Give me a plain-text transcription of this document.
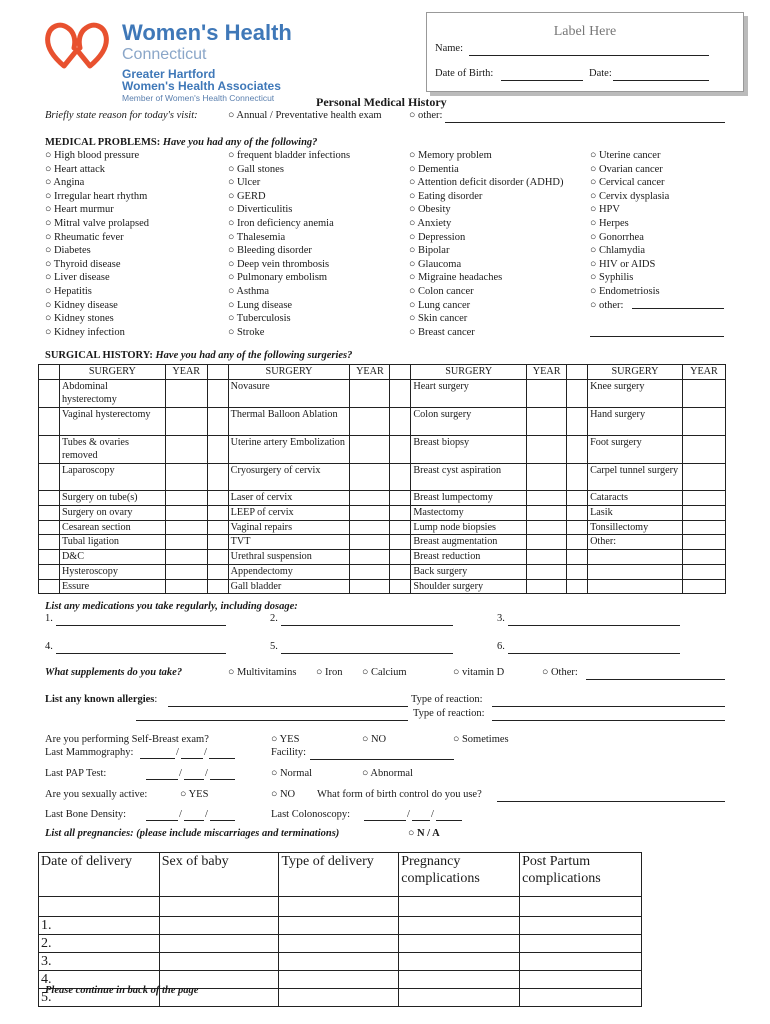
Women's Health
Connecticut
Greater Hartford
Women's Health Associates
Member of Women's Health Connecticut
Label Here
Name:
Date of Birth:	Date:
Personal Medical History
Briefly state reason for today's visit:	○ Annual / Preventative health exam	○ other:
MEDICAL PROBLEMS: Have you had any of the following?
○ High blood pressure
○ Heart attack
○ Angina
○ Irregular heart rhythm
○ Heart murmur
○ Mitral valve prolapsed
○ Rheumatic fever
○ Diabetes
○ Thyroid disease
○ Liver disease
○ Hepatitis
○ Kidney disease
○ Kidney stones
○ Kidney infection
○ frequent bladder infections
○ Gall stones
○ Ulcer
○ GERD
○ Diverticulitis
○ Iron deficiency anemia
○ Thalesemia
○ Bleeding disorder
○ Deep vein thrombosis
○ Pulmonary embolism
○ Asthma
○ Lung disease
○ Tuberculosis
○ Stroke
○ Memory problem
○ Dementia
○ Attention deficit disorder (ADHD)
○ Eating disorder
○ Obesity
○ Anxiety
○ Depression
○ Bipolar
○ Glaucoma
○ Migraine headaches
○ Colon cancer
○ Lung cancer
○ Skin cancer
○ Breast cancer
○ Uterine cancer
○ Ovarian cancer
○ Cervical cancer
○ Cervix dysplasia
○ HPV
○ Herpes
○ Gonorrhea
○ Chlamydia
○ HIV or AIDS
○ Syphilis
○ Endometriosis
○ other:
SURGICAL HISTORY: Have you had any of the following surgeries?
	SURGERY	YEAR		SURGERY	YEAR		SURGERY	YEAR		SURGERY	YEAR
	Abdominal hysterectomy			Novasure			Heart surgery			Knee surgery	
	Vaginal hysterectomy			Thermal Balloon Ablation			Colon surgery			Hand surgery	
	Tubes & ovaries removed			Uterine artery Embolization			Breast biopsy			Foot surgery	
	Laparoscopy			Cryosurgery of cervix			Breast cyst aspiration			Carpel tunnel surgery	
	Surgery on tube(s)			Laser of cervix			Breast lumpectomy			Cataracts	
	Surgery on ovary			LEEP of cervix			Mastectomy			Lasik	
	Cesarean section			Vaginal repairs			Lump node biopsies			Tonsillectomy	
	Tubal ligation			TVT			Breast augmentation			Other:	
	D&C			Urethral suspension			Breast reduction				
	Hysteroscopy			Appendectomy			Back surgery				
	Essure			Gall bladder			Shoulder surgery				
List any medications you take regularly, including dosage:
1.	2.	3.
4.	5.	6.
What supplements do you take?	○ Multivitamins ○ Iron ○ Calcium	○ vitamin D	○ Other:
List any known allergies:	Type of reaction:
Type of reaction:
Are you performing Self-Breast exam?	○ YES	○ NO	○ Sometimes
Last Mammography:	/ /	Facility:
Last PAP Test:	/ /	○ Normal	○ Abnormal
Are you sexually active:	○ YES	○ NO What form of birth control do you use?
Last Bone Density:	/ /	Last Colonoscopy:	/ /
List all pregnancies: (please include miscarriages and terminations)	○ N / A
Date of delivery	Sex of baby	Type of delivery	Pregnancy complications	Post Partum complications

1.				
2.				
3.				
4.				
5.				
Please continue in back of the page
